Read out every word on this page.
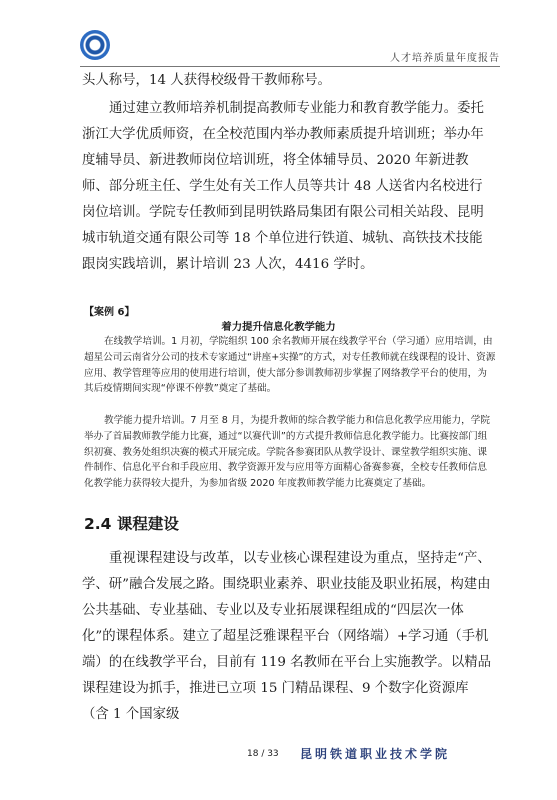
人才培养质量年度报告

头人称号，14 人获得校级骨干教师称号。

通过建立教师培养机制提高教师专业能力和教育教学能力。委托浙江大学优质师资，在全校范围内举办教师素质提升培训班；举办年度辅导员、新进教师岗位培训班，将全体辅导员、2020 年新进教师、部分班主任、学生处有关工作人员等共计 48 人送省内名校进行岗位培训。学院专任教师到昆明铁路局集团有限公司相关站段、昆明城市轨道交通有限公司等 18 个单位进行铁道、城轨、高铁技术技能跟岗实践培训，累计培训 23 人次，4416 学时。

【案例 6】
着力提升信息化教学能力

在线教学培训。1 月初，学院组织 100 余名教师开展在线教学平台（学习通）应用培训，由超星公司云南省分公司的技术专家通过“讲座+实操”的方式，对专任教师就在线课程的设计、资源应用、教学管理等应用的使用进行培训，使大部分参训教师初步掌握了网络教学平台的使用，为其后疫情期间实现“停课不停教”奠定了基础。

教学能力提升培训。7 月至 8 月，为提升教师的综合教学能力和信息化教学应用能力，学院举办了首届教师教学能力比赛，通过“以赛代训”的方式提升教师信息化教学能力。比赛按部门组织初赛、教务处组织决赛的模式开展完成。学院各参赛团队从教学设计、课堂教学组织实施、课件制作、信息化平台和手段应用、教学资源开发与应用等方面精心备赛参赛，全校专任教师信息化教学能力获得较大提升，为参加省级 2020 年度教师教学能力比赛奠定了基础。

2.4 课程建设

重视课程建设与改革，以专业核心课程建设为重点，坚持走“产、学、研”融合发展之路。围绕职业素养、职业技能及职业拓展，构建由公共基础、专业基础、专业以及专业拓展课程组成的“四层次一体化”的课程体系。建立了超星泛雅课程平台（网络端）+学习通（手机端）的在线教学平台，目前有 119 名教师在平台上实施教学。以精品课程建设为抓手，推进已立项 15 门精品课程、9 个数字化资源库（含 1 个国家级

18 / 33 昆明铁道职业技术学院
